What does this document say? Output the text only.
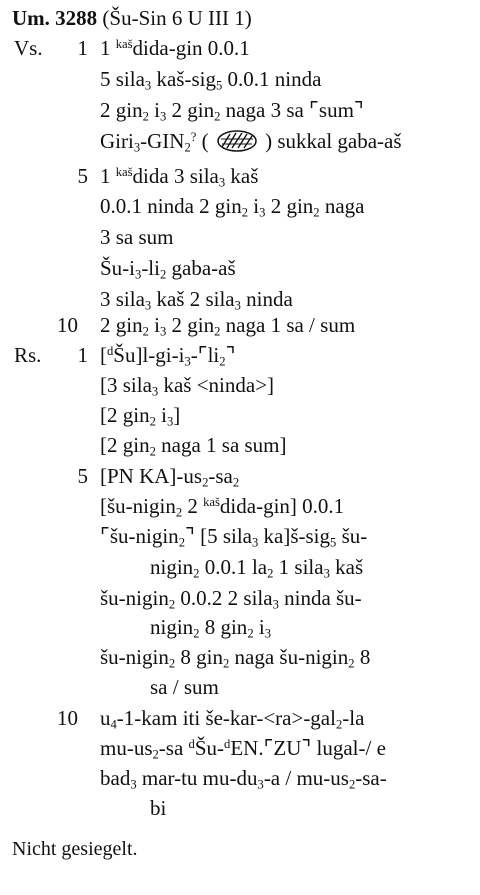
Um. 3288 (Šu-Sin 6 U III 1)
Vs.
Rs.
1 1 $^{kaš}$dida-gin 0.0.1
5 sila$_3$ kaš-sig$_5$ 0.0.1 ninda
2 gin$_2$ $i_3$ 2 gin$_2$ naga 3 sa ⌜sum⌝
$Giri_3-GIN_2^?$ (  ) sukkal gaba-aš
5 1 $^{kaš}$dida 3 sila$_3$ kaš
0.0.1 ninda 2 gin$_2$ $i_3$ 2 gin$_2$ naga
3 sa sum
$Šu-i_3-li_2$ gaba-aš
3 sila$_3$ kaš 2 sila$_3$ ninda
10 2 gin$_2$ $i_3$ 2 gin$_2$ naga 1 sa / sum
1 $[^dŠu]l-gi-i_3-⌜li_2⌝$
[3 sila$_3$ kaš <ninda>]
[2 gin$_2$ $i_3$]
[2 gin$_2$ naga 1 sa sum]
5 [PN $KA]-us_2-sa_2$
[šu-nigin$_2$ 2 $^{kaš}$dida-gin] 0.0.1
⌜šu-nigin$_2$⌝ [5 sila$_3$ ka]š-sig$_5$ šu-
nigin$_2$ 0.0.1 $la_2$ 1 sila$_3$ kaš
šu-nigin$_2$ 0.0.2 2 sila$_3$ ninda šu-
nigin$_2$ 8 gin$_2$ $i_3$
šu-nigin$_2$ 8 gin$_2$ naga šu-nigin$_2$ 8
sa / sum
10 $u_4-1$-kam iti še-kar-<ra>-gal$_2$-la
$mu-us_2-sa$ $^d$Šu-$^d$EN.⌜ZU⌝ lugal-/ e
bad$_3$ mar-tu $mu-du_3-a / mu-us_2-sa-$
bi
Nicht gesiegelt.
